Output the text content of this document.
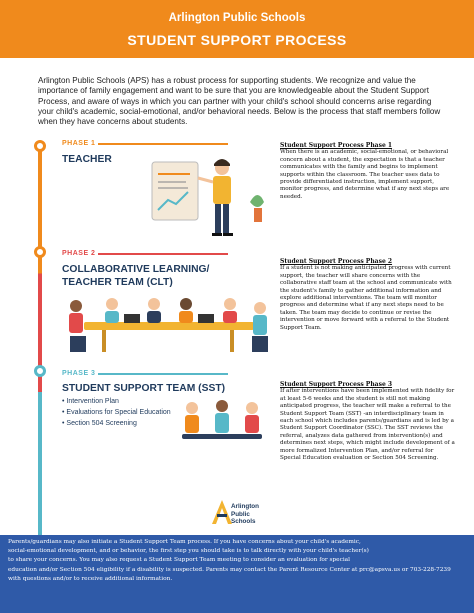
Arlington Public Schools
STUDENT SUPPORT PROCESS
Arlington Public Schools (APS) has a robust process for supporting students. We recognize and value the importance of family engagement and want to be sure that you are knowledgeable about the Student Support Process, and aware of ways in which you can partner with your child's school should concerns arise regarding your child's academic, social-emotional, and/or behavioral needs. Below is the process that staff members follow when they have concerns about students.
PHASE 1
TEACHER
Student Support Process Phase 1
When there is an academic, social-emotional, or behavioral concern about a student, the expectation is that a teacher communicates with the family and begins to implement supports within the classroom. The teacher uses data to provide differentiated instruction, implement support, monitor progress, and determine what if any next steps are needed.
PHASE 2
COLLABORATIVE LEARNING/
TEACHER TEAM (CLT)
Student Support Process Phase 2
If a student is not making anticipated progress with current support, the teacher will share concerns with the collaborative staff team at the school and communicate with the student's family to gather additional information and explore additional interventions. The team will monitor progress and determine what if any next steps need to be taken. The team may decide to continue or revise the intervention or move forward with a referral to the Student Support Team.
PHASE 3
STUDENT SUPPORT TEAM (SST)
• Intervention Plan
• Evaluations for Special Education
• Section 504 Screening
Student Support Process Phase 3
If after interventions have been implemented with fidelity for at least 5-6 weeks and the student is still not making anticipated progress, the teacher will make a referral to the Student Support Team (SST) -an interdisciplinary team in each school which includes parents/guardians and is led by a Student Support Coordinator (SSC). The SST reviews the referral, analyzes data gathered from intervention(s) and determines next steps, which might include development of a more formalized Intervention Plan, and/or referral for Special Education evaluation or Section 504 Screening.
Arlington
Public
Schools
Parents/guardians may also initiate a Student Support Team process. If you have concerns about your child's academic,
social-emotional development, and or behavior, the first step you should take is to talk directly with your child's teacher(s)
to share your concerns. You may also request a Student Support Team meeting to consider an evaluation for special
education and/or Section 504 eligibility if a disability is suspected. Parents may contact the Parent Resource Center at prc@apsva.us or 703-228-7239
with questions and/or to receive additional information.
